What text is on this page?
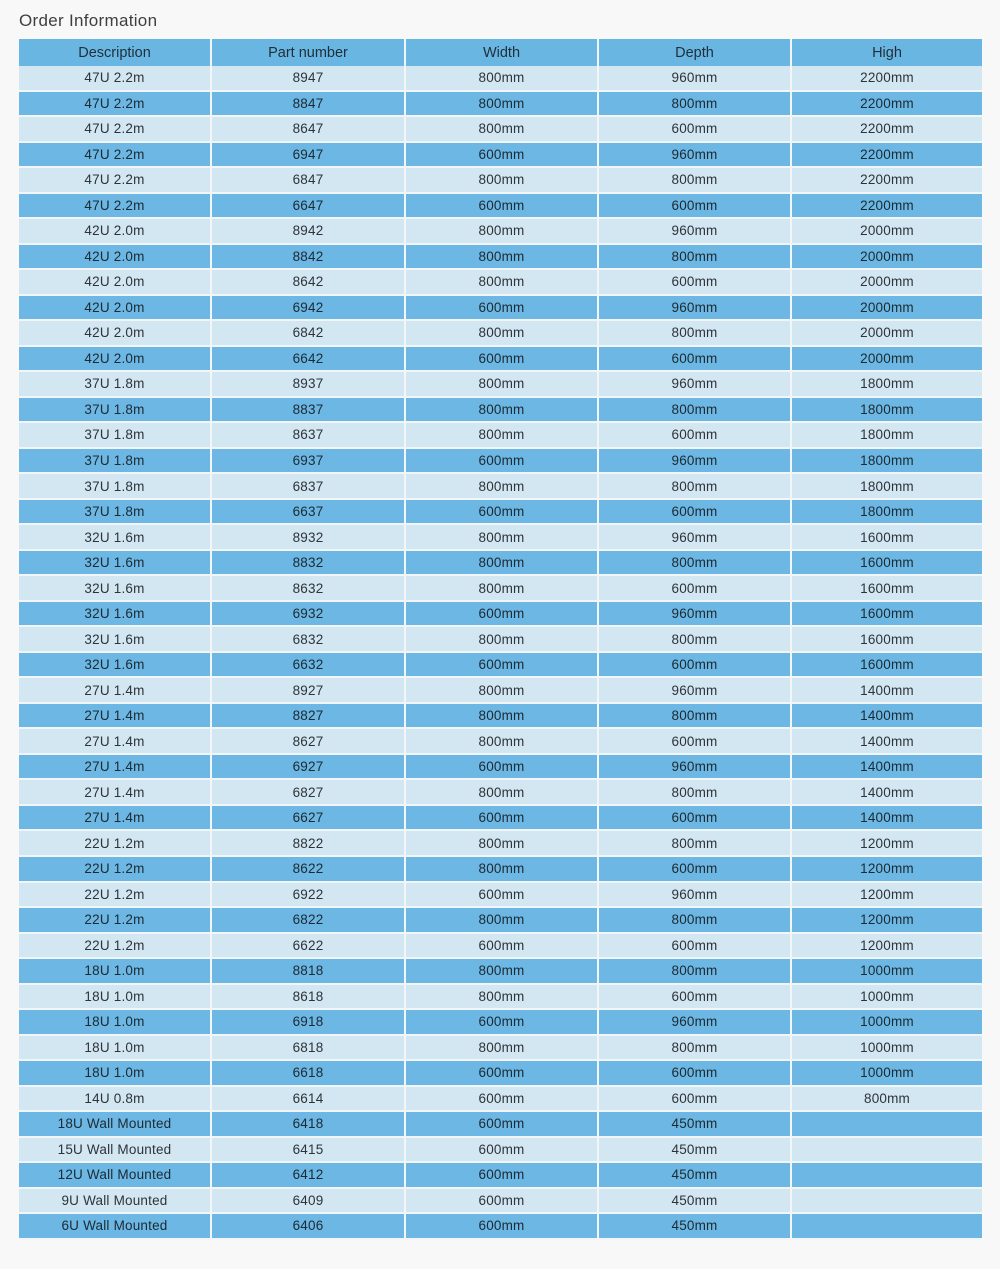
Order Information
Description	Part number	Width	Depth	High
47U 2.2m	8947	800mm	960mm	2200mm
47U 2.2m	8847	800mm	800mm	2200mm
47U 2.2m	8647	800mm	600mm	2200mm
47U 2.2m	6947	600mm	960mm	2200mm
47U 2.2m	6847	800mm	800mm	2200mm
47U 2.2m	6647	600mm	600mm	2200mm
42U 2.0m	8942	800mm	960mm	2000mm
42U 2.0m	8842	800mm	800mm	2000mm
42U 2.0m	8642	800mm	600mm	2000mm
42U 2.0m	6942	600mm	960mm	2000mm
42U 2.0m	6842	800mm	800mm	2000mm
42U 2.0m	6642	600mm	600mm	2000mm
37U 1.8m	8937	800mm	960mm	1800mm
37U 1.8m	8837	800mm	800mm	1800mm
37U 1.8m	8637	800mm	600mm	1800mm
37U 1.8m	6937	600mm	960mm	1800mm
37U 1.8m	6837	800mm	800mm	1800mm
37U 1.8m	6637	600mm	600mm	1800mm
32U 1.6m	8932	800mm	960mm	1600mm
32U 1.6m	8832	800mm	800mm	1600mm
32U 1.6m	8632	800mm	600mm	1600mm
32U 1.6m	6932	600mm	960mm	1600mm
32U 1.6m	6832	800mm	800mm	1600mm
32U 1.6m	6632	600mm	600mm	1600mm
27U 1.4m	8927	800mm	960mm	1400mm
27U 1.4m	8827	800mm	800mm	1400mm
27U 1.4m	8627	800mm	600mm	1400mm
27U 1.4m	6927	600mm	960mm	1400mm
27U 1.4m	6827	800mm	800mm	1400mm
27U 1.4m	6627	600mm	600mm	1400mm
22U 1.2m	8822	800mm	800mm	1200mm
22U 1.2m	8622	800mm	600mm	1200mm
22U 1.2m	6922	600mm	960mm	1200mm
22U 1.2m	6822	800mm	800mm	1200mm
22U 1.2m	6622	600mm	600mm	1200mm
18U 1.0m	8818	800mm	800mm	1000mm
18U 1.0m	8618	800mm	600mm	1000mm
18U 1.0m	6918	600mm	960mm	1000mm
18U 1.0m	6818	800mm	800mm	1000mm
18U 1.0m	6618	600mm	600mm	1000mm
14U 0.8m	6614	600mm	600mm	800mm
18U Wall Mounted	6418	600mm	450mm	
15U Wall Mounted	6415	600mm	450mm	
12U Wall Mounted	6412	600mm	450mm	
9U Wall Mounted	6409	600mm	450mm	
6U Wall Mounted	6406	600mm	450mm	
